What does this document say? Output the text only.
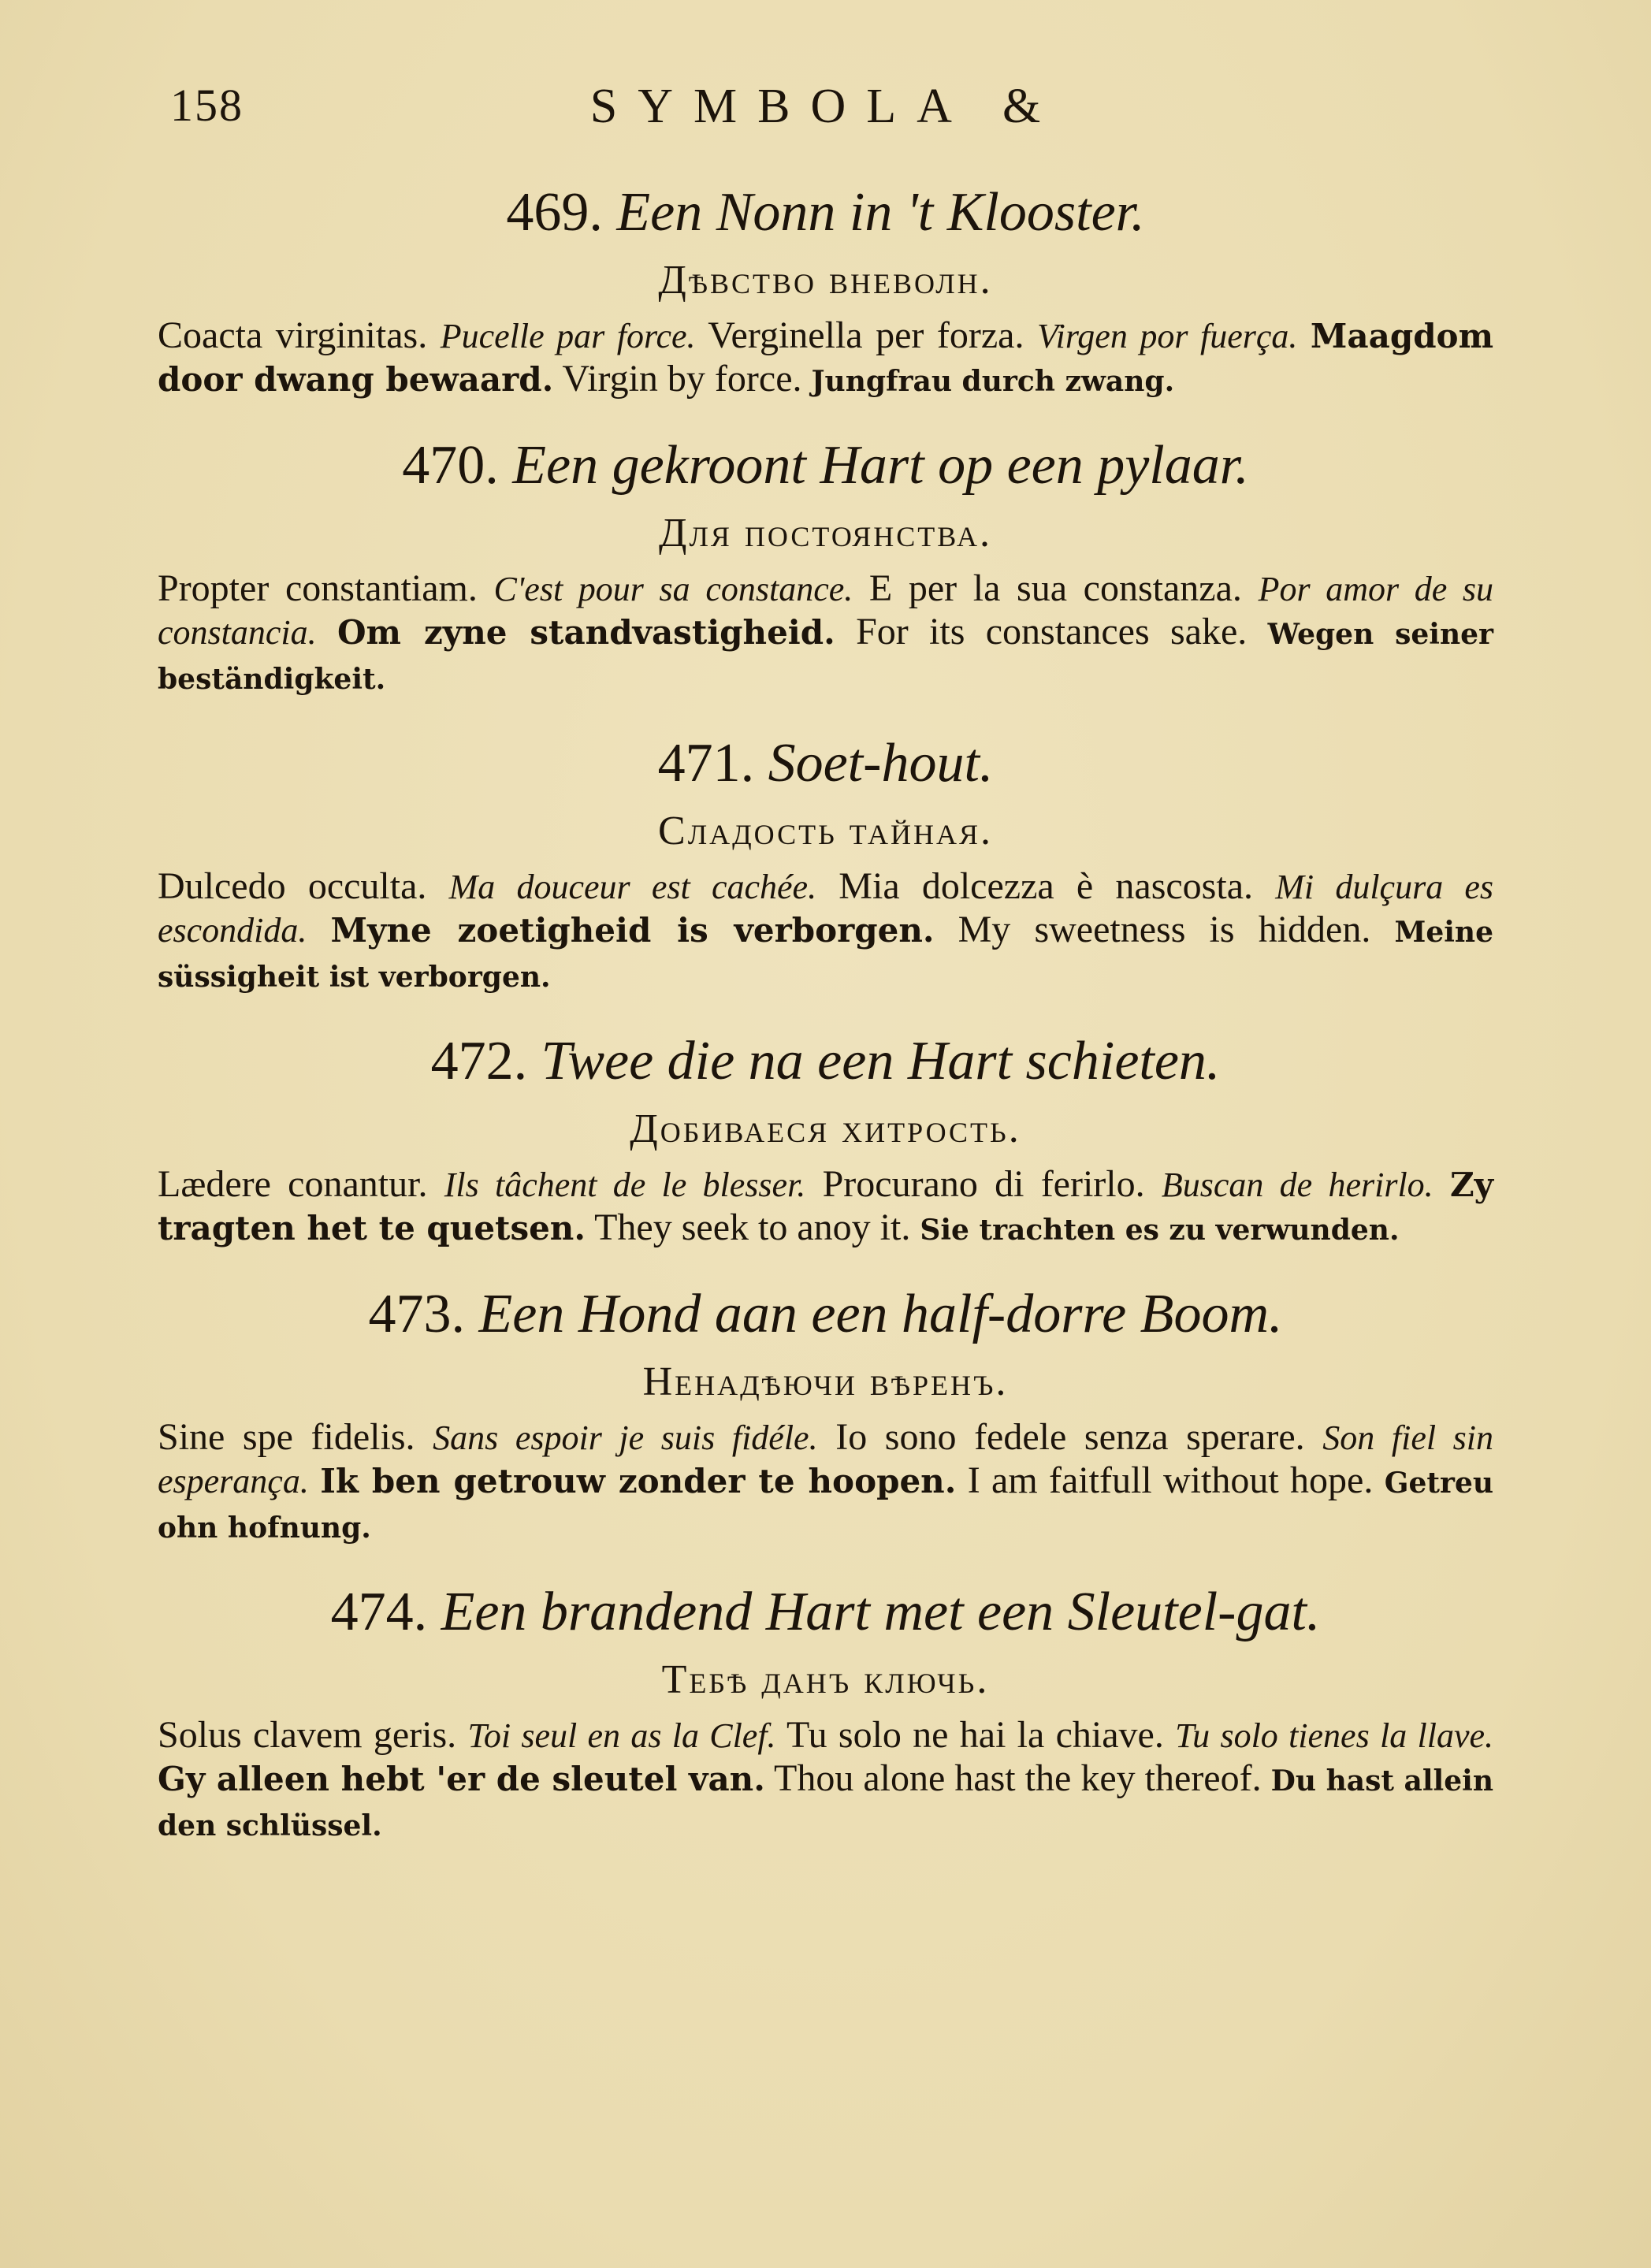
158	SYMBOLA &
469. Een Nonn in 't Klooster.
Дѣвство вневолн.

Coacta virginitas. Pucelle par force. Verginella per forza. Virgen por fuerça. Maagdom door dwang bewaard. Virgin by force. Jungfrau durch zwang.

470. Een gekroont Hart op een pylaar.
Для постоянства.

Propter constantiam. C'est pour sa constance. E per la sua constanza. Por amor de su constancia. Om zyne standvastigheid. For its constances sake. Wegen seiner beständigkeit.

471. Soet-hout.
Сладость тайная.

Dulcedo occulta. Ma douceur est cachée. Mia dolcezza è nascosta. Mi dulçura es escondida. Myne zoetigheid is verborgen. My sweetness is hidden. Meine süssigheit ist verborgen.

472. Twee die na een Hart schieten.
Добиваеся хитрость.

Lædere conantur. Ils tâchent de le blesser. Procurano di ferirlo. Buscan de herirlo. Zy tragten het te quetsen. They seek to anoy it. Sie trachten es zu verwunden.

473. Een Hond aan een half-dorre Boom.
Ненадѣючи вѣренъ.

Sine spe fidelis. Sans espoir je suis fidéle. Io sono fedele senza sperare. Son fiel sin esperança. Ik ben getrouw zonder te hoopen. I am faitfull without hope. Getreu ohn hofnung.

474. Een brandend Hart met een Sleutel-gat.
Тебѣ данъ ключь.

Solus clavem geris. Toi seul en as la Clef. Tu solo ne hai la chiave. Tu solo tienes la llave. Gy alleen hebt 'er de sleutel van. Thou alone hast the key thereof. Du hast allein den schlüssel.
